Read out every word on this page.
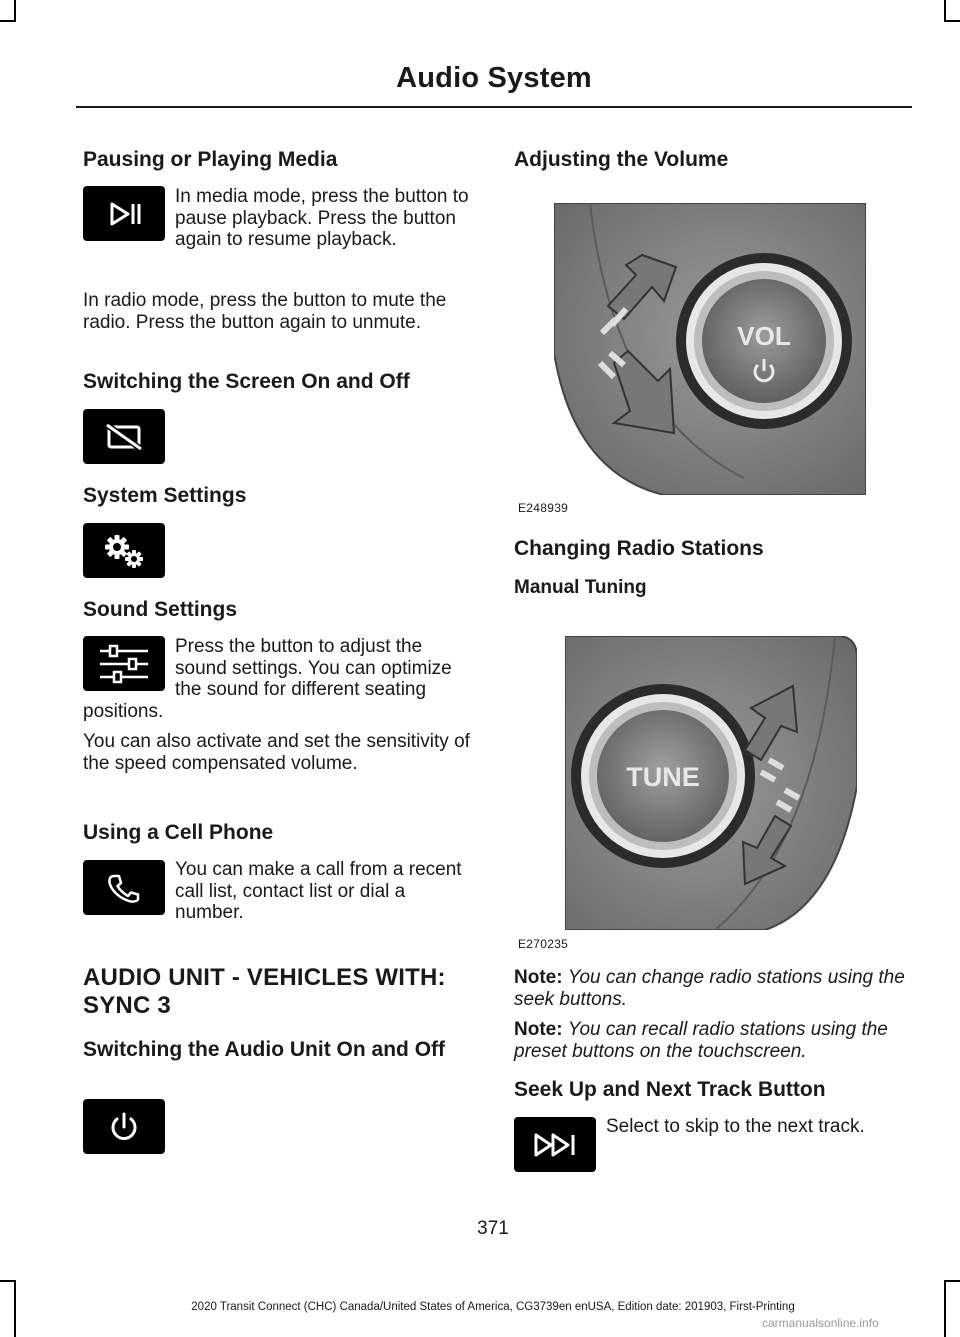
Audio System
Pausing or Playing Media
In media mode, press the button to pause playback. Press the button again to resume playback.
In radio mode, press the button to mute the radio. Press the button again to unmute.
Switching the Screen On and Off
System Settings
Sound Settings
Press the button to adjust the sound settings. You can optimize the sound for different seating positions.
You can also activate and set the sensitivity of the speed compensated volume.
Using a Cell Phone
You can make a call from a recent call list, contact list or dial a number.
AUDIO UNIT - VEHICLES WITH:
SYNC 3
Switching the Audio Unit On and Off
Adjusting the Volume
VOL
E248939
Changing Radio Stations
Manual Tuning
TUNE
E270235
Note: You can change radio stations using the seek buttons.
Note: You can recall radio stations using the preset buttons on the touchscreen.
Seek Up and Next Track Button
Select to skip to the next track.
371
2020 Transit Connect (CHC) Canada/United States of America, CG3739en enUSA, Edition date: 201903, First-Printing
carmanualsonline.info
